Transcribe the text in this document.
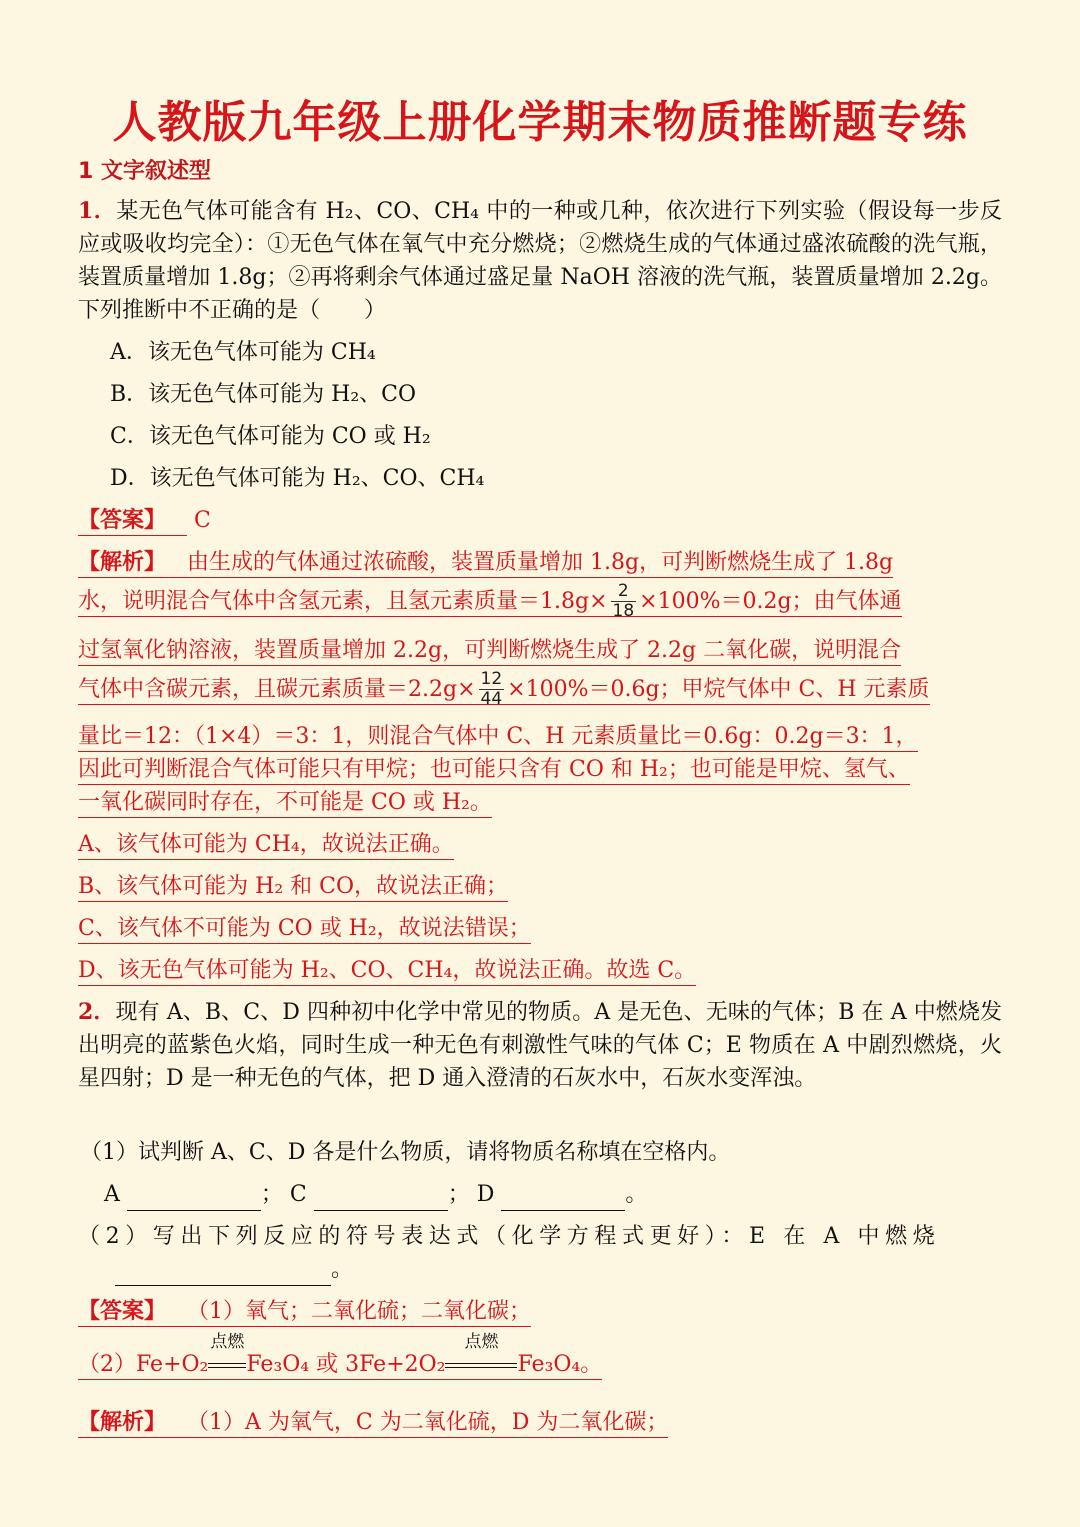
人教版九年级上册化学期末物质推断题专练
1 文字叙述型
1．某无色气体可能含有 H₂、CO、CH₄ 中的一种或几种，依次进行下列实验（假设每一步反应或吸收均完全）：①无色气体在氧气中充分燃烧；②燃烧生成的气体通过盛浓硫酸的洗气瓶，装置质量增加 1.8g；②再将剩余气体通过盛足量 NaOH 溶液的洗气瓶，装置质量增加 2.2g。下列推断中不正确的是（　　）
A．该无色气体可能为 CH₄
B．该无色气体可能为 H₂、CO
C．该无色气体可能为 CO 或 H₂
D．该无色气体可能为 H₂、CO、CH₄
【答案】 C
【解析】 由生成的气体通过浓硫酸，装置质量增加 1.8g，可判断燃烧生成了 1.8g
水，说明混合气体中含氢元素，且氢元素质量$=1.8g\times \frac{2}{18} \times 100\%=0.2g$；由气体通
过氢氧化钠溶液，装置质量增加 2.2g，可判断燃烧生成了 2.2g 二氧化碳，说明混合
气体中含碳元素，且碳元素质量$=2.2g\times \frac{12}{44} \times 100\%=0.6g$；甲烷气体中 C、H 元素质
量比＝12：（1×4）＝3：1，则混合气体中 C、H 元素质量比＝0.6g：0.2g＝3：1，
因此可判断混合气体可能只有甲烷；也可能只含有 CO 和 H₂；也可能是甲烷、氢气、
一氧化碳同时存在，不可能是 CO 或 H₂。
A、该气体可能为 CH₄，故说法正确。
B、该气体可能为 H₂ 和 CO，故说法正确；
C、该气体不可能为 CO 或 H₂，故说法错误；
D、该无色气体可能为 H₂、CO、CH₄，故说法正确。故选 C。
2．现有 A、B、C、D 四种初中化学中常见的物质。A 是无色、无味的气体；B 在 A 中燃烧发出明亮的蓝紫色火焰，同时生成一种无色有刺激性气味的气体 C；E 物质在 A 中剧烈燃烧，火星四射；D 是一种无色的气体，把 D 通入澄清的石灰水中，石灰水变浑浊。
（1）试判断 A、C、D 各是什么物质，请将物质名称填在空格内。
A	； C	； D	。
（2）写出下列反应的符号表达式（化学方程式更好）：E 在 A 中燃烧
。
【答案】 （1）氧气；二氧化硫；二氧化碳；
（2）Fe+O₂
点燃
Fe₃O₄ 或 3Fe+2O₂
点燃
Fe₃O₄。
【解析】 （1）A 为氧气，C 为二氧化硫，D 为二氧化碳；
